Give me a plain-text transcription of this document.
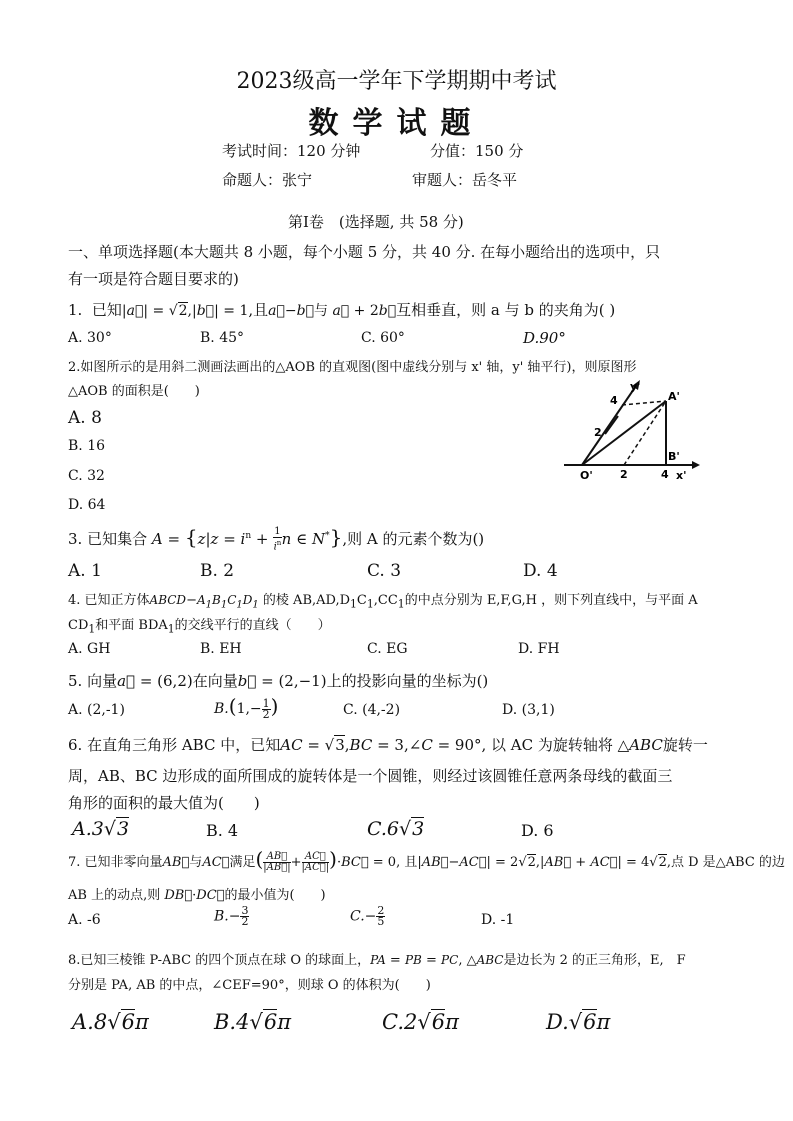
2023级高一学年下学期期中考试
数学试题
考试时间：120 分钟	分值：150 分
命题人：张宁	审题人：岳冬平
第Ⅰ卷　(选择题, 共 58 分)
一、单项选择题(本大题共 8 小题，每个小题 5 分，共 40 分. 在每小题给出的选项中，只
有一项是符合题目要求的)
1. 已知|a⃗| = √2,|b⃗| = 1,且a⃗−b⃗与 a⃗ + 2b⃗互相垂直，则 a 与 b 的夹角为( )
A. 30°	B. 45°	C. 60°	D.90°
2.如图所示的是用斜二测画法画出的△AOB 的直观图(图中虚线分别与 x' 轴，y' 轴平行)，则原图形
△AOB 的面积是(　　)
A. 8
B. 16
C. 32
D. 64
y'
A'
4
2
B'
O' 2	4 x'
3. 已知集合 $A = \{z|z = i^n + \frac{1}{i^n}$ n ∈ N*},则 A 的元素个数为()
A. 1	B. 2	C. 3	D. 4
4. 已知正方体$ABCD-A_1B_1C_1D_1$ 的棱 $AB,AD,D_1C_1,CC_1$的中点分别为 E,F,G,H ，则下列直线中，与平面 A
$CD_1$和平面 $BDA_1$的交线平行的直线（　　）
A. GH	B. EH	C. EG	D. FH
5. 向量a⃗ = (6,2)在向量b⃗ = (2,−1)上的投影向量的坐标为()
A. (2,-1)	$B.(1,- \frac{1}{2}$ )	C. (4,-2)	D. (3,1)
6. 在直角三角形 ABC 中，已知AC = √3,BC = 3,∠C = 90°, 以 AC 为旋转轴将 △ABC旋转一
周，AB、BC 边形成的面所围成的旋转体是一个圆锥，则经过该圆锥任意两条母线的截面三
角形的面积的最大值为(　　)
A.3√3	B. 4	C.6√3	D. 6
7. 已知非零向量AB⃗与AC⃗满足( $\frac{AB⃗}{|AB⃗|} + \frac{AC⃗}{|AC⃗|}$ )·BC⃗ = 0, 且|AB⃗−AC⃗| = 2√2,|AB⃗ + AC⃗| = 4√2,点 D 是△ABC 的边
AB 上的动点,则 DB⃗·DC⃗的最小值为(　　)
A. -6	$B.- \frac{3}{2}$	$C.- \frac{2}{5}$	D. -1
8.已知三棱锥 P-ABC 的四个顶点在球 O 的球面上，PA = PB = PC, △ABC是边长为 2 的正三角形，E,　F
分别是 PA, AB 的中点，∠CEF=90°，则球 O 的体积为(　　)
A.8√6π	B.4√6π	C.2√6π	D.√6π
